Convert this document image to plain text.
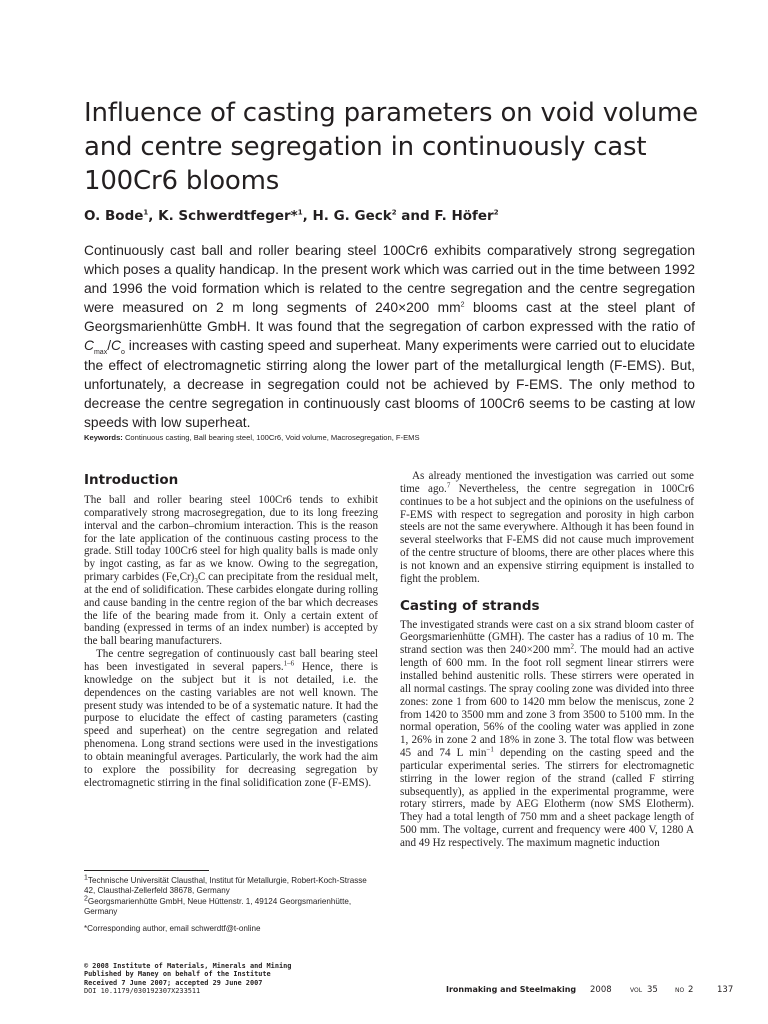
Influence of casting parameters on void volume and centre segregation in continuously cast 100Cr6 blooms
O. Bode$^1$, K. Schwerdtfeger*$^1$, H. G. Geck$^2$ and F. Höfer$^2$

Continuously cast ball and roller bearing steel 100Cr6 exhibits comparatively strong segregation which poses a quality handicap. In the present work which was carried out in the time between 1992 and 1996 the void formation which is related to the centre segregation and the centre segregation were measured on 2 m long segments of 240×200 $mm^2$ blooms cast at the steel plant of Georgsmarienhütte GmbH. It was found that the segregation of carbon expressed with the ratio of $C_{max}/C_o$ increases with casting speed and superheat. Many experiments were carried out to elucidate the effect of electromagnetic stirring along the lower part of the metallurgical length (F-EMS). But, unfortunately, a decrease in segregation could not be achieved by F-EMS. The only method to decrease the centre segregation in continuously cast blooms of 100Cr6 seems to be casting at low speeds with low superheat.

Keywords: Continuous casting, Ball bearing steel, 100Cr6, Void volume, Macrosegregation, F-EMS
Introduction

The ball and roller bearing steel 100Cr6 tends to exhibit comparatively strong macrosegregation, due to its long freezing interval and the carbon–chromium interaction. This is the reason for the late application of the continuous casting process to the grade. Still today 100Cr6 steel for high quality balls is made only by ingot casting, as far as we know. Owing to the segregation, primary carbides $(Fe,Cr)_3C$ can precipitate from the residual melt, at the end of solidification. These carbides elongate during rolling and cause banding in the centre region of the bar which decreases the life of the bearing made from it. Only a certain extent of banding (expressed in terms of an index number) is accepted by the ball bearing manufacturers.

The centre segregation of continuously cast ball bearing steel has been investigated in several papers.$^{1-6}$ Hence, there is knowledge on the subject but it is not detailed, i.e. the dependences on the casting variables are not well known. The present study was intended to be of a systematic nature. It had the purpose to elucidate the effect of casting parameters (casting speed and superheat) on the centre segregation and related phenomena. Long strand sections were used in the investigations to obtain meaningful averages. Particularly, the work had the aim to explore the possibility for decreasing segregation by electromagnetic stirring in the final solidification zone (F-EMS).

As already mentioned the investigation was carried out some time ago.$^7$ Nevertheless, the centre segregation in 100Cr6 continues to be a hot subject and the opinions on the usefulness of F-EMS with respect to segregation and porosity in high carbon steels are not the same everywhere. Although it has been found in several steelworks that F-EMS did not cause much improvement of the centre structure of blooms, there are other places where this is not known and an expensive stirring equipment is installed to fight the problem.

Casting of strands

The investigated strands were cast on a six strand bloom caster of Georgsmarienhütte (GMH). The caster has a radius of 10 m. The strand section was then 240×200 $mm^2$. The mould had an active length of 600 mm. In the foot roll segment linear stirrers were installed behind austenitic rolls. These stirrers were operated in all normal castings. The spray cooling zone was divided into three zones: zone 1 from 600 to 1420 mm below the meniscus, zone 2 from 1420 to 3500 mm and zone 3 from 3500 to 5100 mm. In the normal operation, 56% of the cooling water was applied in zone 1, 26% in zone 2 and 18% in zone 3. The total flow was between 45 and 74 L $\min^{-1}$ depending on the casting speed and the particular experimental series. The stirrers for electromagnetic stirring in the lower region of the strand (called F stirring subsequently), as applied in the experimental programme, were rotary stirrers, made by AEG Elotherm (now SMS Elotherm). They had a total length of 750 mm and a sheet package length of 500 mm. The voltage, current and frequency were 400 V, 1280 A and 49 Hz respectively. The maximum magnetic induction

$^1$Technische Universität Clausthal, Institut für Metallurgie, Robert-Koch-Strasse 42, Clausthal-Zellerfeld 38678, Germany
$^2$Georgsmarienhütte GmbH, Neue Hüttenstr. 1, 49124 Georgsmarienhütte, Germany
*Corresponding author, email schwerdtf@t-online
© 2008 Institute of Materials, Minerals and Mining
Published by Maney on behalf of the Institute
Received 7 June 2007; accepted 29 June 2007
DOI 10.1179/030192307X233511	Ironmaking and Steelmaking 2008	VOL 35	NO 2	137
